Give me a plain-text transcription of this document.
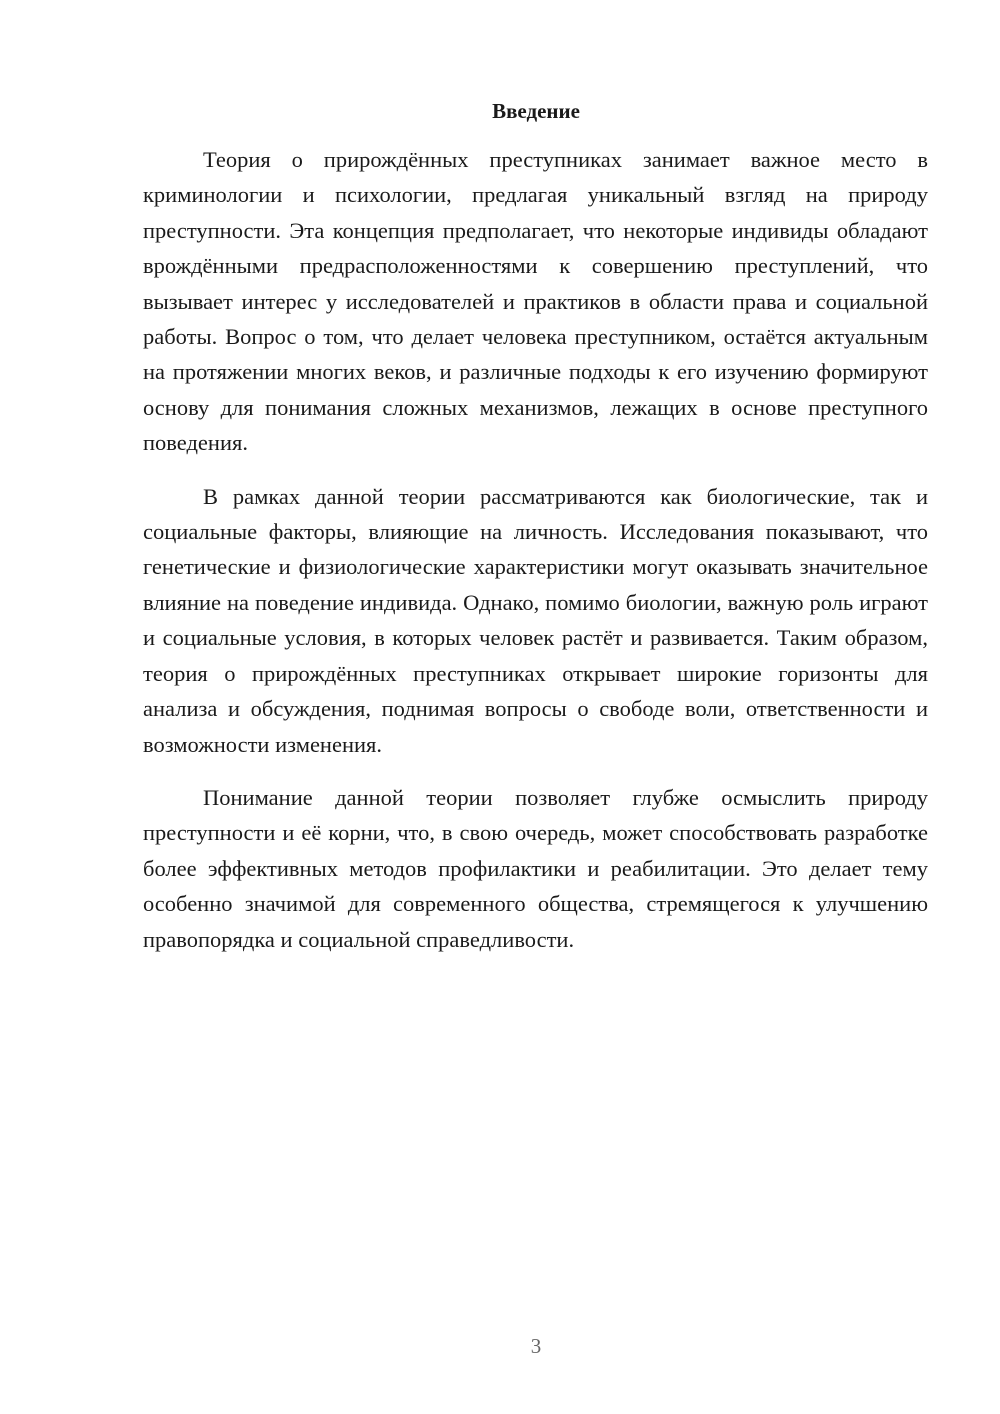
Введение

Теория о прирождённых преступниках занимает важное место в криминологии и психологии, предлагая уникальный взгляд на природу преступности. Эта концепция предполагает, что некоторые индивиды обладают врождёнными предрасположенностями к совершению преступлений, что вызывает интерес у исследователей и практиков в области права и социальной работы. Вопрос о том, что делает человека преступником, остаётся актуальным на протяжении многих веков, и различные подходы к его изучению формируют основу для понимания сложных механизмов, лежащих в основе преступного поведения.

В рамках данной теории рассматриваются как биологические, так и социальные факторы, влияющие на личность. Исследования показывают, что генетические и физиологические характеристики могут оказывать значительное влияние на поведение индивида. Однако, помимо биологии, важную роль играют и социальные условия, в которых человек растёт и развивается. Таким образом, теория о прирождённых преступниках открывает широкие горизонты для анализа и обсуждения, поднимая вопросы о свободе воли, ответственности и возможности изменения.

Понимание данной теории позволяет глубже осмыслить природу преступности и её корни, что, в свою очередь, может способствовать разработке более эффективных методов профилактики и реабилитации. Это делает тему особенно значимой для современного общества, стремящегося к улучшению правопорядка и социальной справедливости.

3
